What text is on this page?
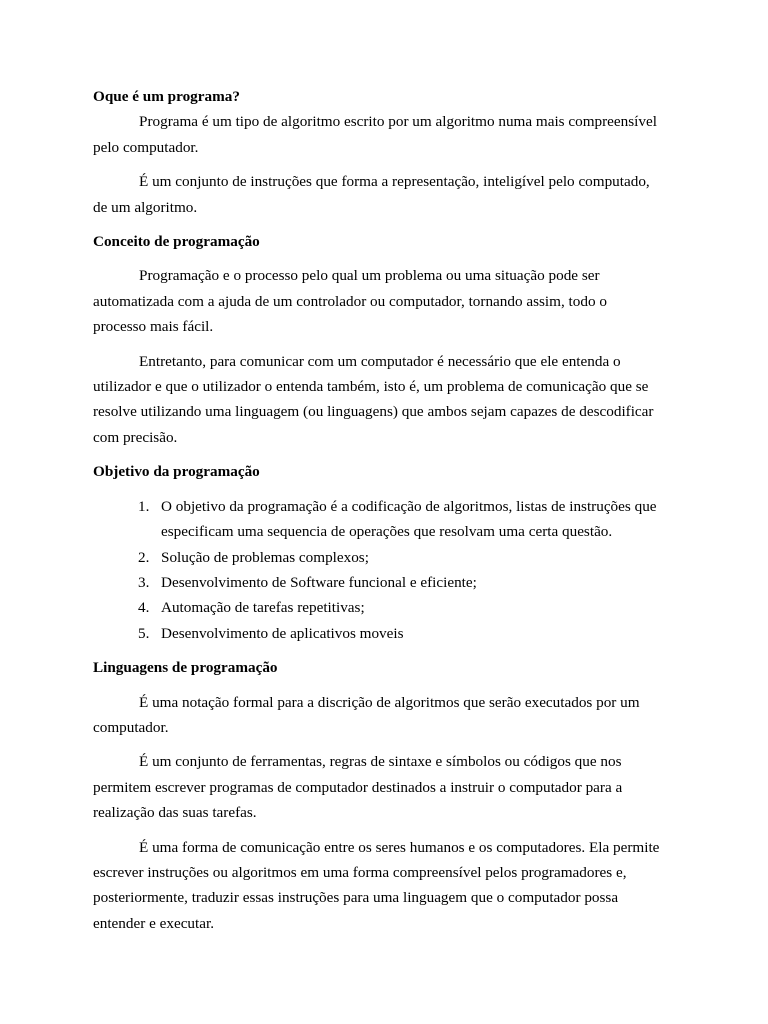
Oque é um programa?

Programa é um tipo de algoritmo escrito por um algoritmo numa mais compreensível
pelo computador.

É um conjunto de instruções que forma a representação, inteligível pelo computado,
de um algoritmo.

Conceito de programação

Programação e o processo pelo qual um problema ou uma situação pode ser
automatizada com a ajuda de um controlador ou computador, tornando assim, todo o
processo mais fácil.

Entretanto, para comunicar com um computador é necessário que ele entenda o
utilizador e que o utilizador o entenda também, isto é, um problema de comunicação que se
resolve utilizando uma linguagem (ou linguagens) que ambos sejam capazes de descodificar
com precisão.

Objetivo da programação
1. O objetivo da programação é a codificação de algoritmos, listas de instruções que
especificam uma sequencia de operações que resolvam uma certa questão.
2. Solução de problemas complexos;
3. Desenvolvimento de Software funcional e eficiente;
4. Automação de tarefas repetitivas;
5. Desenvolvimento de aplicativos moveis
Linguagens de programação

É uma notação formal para a discrição de algoritmos que serão executados por um
computador.

É um conjunto de ferramentas, regras de sintaxe e símbolos ou códigos que nos
permitem escrever programas de computador destinados a instruir o computador para a
realização das suas tarefas.

É uma forma de comunicação entre os seres humanos e os computadores. Ela permite
escrever instruções ou algoritmos em uma forma compreensível pelos programadores e,
posteriormente, traduzir essas instruções para uma linguagem que o computador possa
entender e executar.
